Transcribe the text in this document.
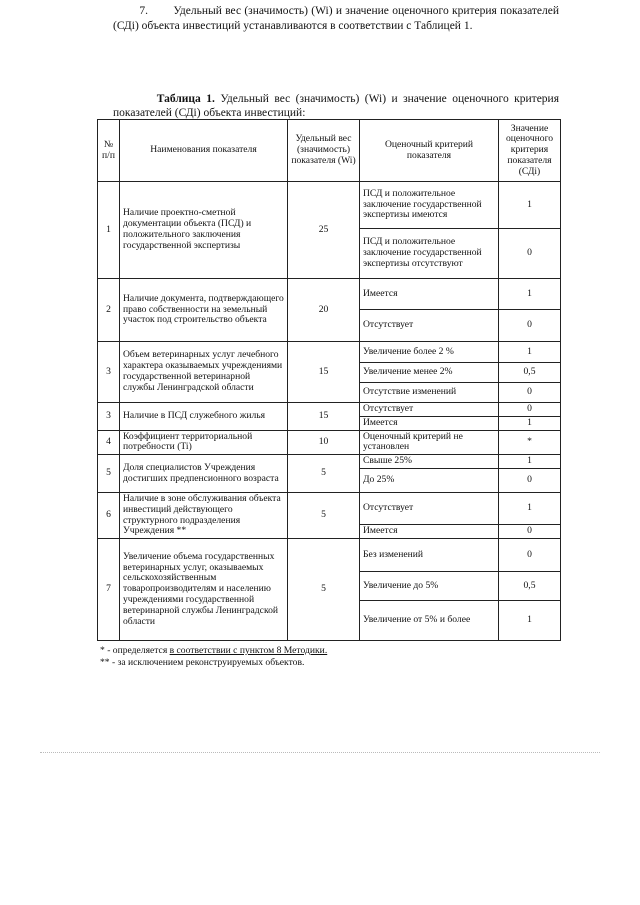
7. Удельный вес (значимость) (Wi) и значение оценочного критерия показателей (СДi) объекта инвестиций устанавливаются в соответствии с Таблицей 1.
Таблица 1. Удельный вес (значимость) (Wi) и значение оценочного критерия показателей (СДi) объекта инвестиций:
№ п/п	Наименования показателя	Удельный вес (значимость) показателя (Wi)	Оценочный критерий показателя	Значение оценочного критерия показателя (СДi)
1	Наличие проектно-сметной документации объекта (ПСД) и положительного заключения государственной экспертизы	25	ПСД и положительное заключение государственной экспертизы имеются	1
			ПСД и положительное заключение государственной экспертизы отсутствуют	0
2	Наличие документа, подтверждающего право собственности на земельный участок под строительство объекта	20	Имеется	1
			Отсутствует	0
3	Объем ветеринарных услуг лечебного характера оказываемых учреждениями государственной ветеринарной службы Ленинградской области	15	Увеличение более 2 %	1
			Увеличение менее 2%	0,5
			Отсутствие изменений	0
3	Наличие в ПСД служебного жилья	15	Отсутствует	0
			Имеется	1
4	Коэффициент территориальной потребности (Ti)	10	Оценочный критерий не установлен	*
5	Доля специалистов Учреждения достигших предпенсионного возраста	5	Свыше 25%	1
			До 25%	0
6	Наличие в зоне обслуживания объекта инвестиций действующего структурного подразделения Учреждения **	5	Отсутствует	1
			Имеется	0
7	Увеличение объема государственных ветеринарных услуг, оказываемых сельскохозяйственным товаропроизводителям и населению учреждениями государственной ветеринарной службы Ленинградской области	5	Без изменений	0
			Увеличение до 5%	0,5
			Увеличение от 5% и более	1
* - определяется в соответствии с пунктом 8 Методики.
** - за исключением реконструируемых объектов.
